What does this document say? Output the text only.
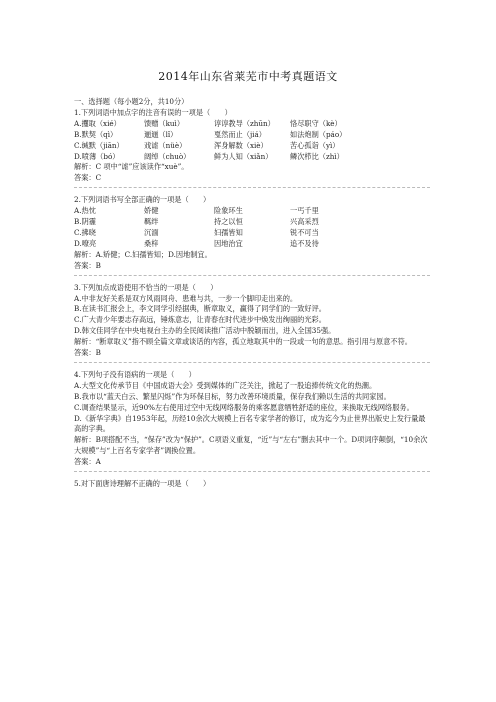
2014年山东省莱芜市中考真题语文
一、选择题（每小题2分，共10分）
1.下列词语中加点字的注音有误的一项是（　　）
A.攫取（xié）	馈赠（kuì）	谆谆教导（zhūn）	恪尽职守（kè）
B.默契（qì）	逦逦（lǐ）	戛然而止（jiá）	如法炮制（páo）
C.缄默（jiān）	戏谑（nüè）	浑身解数（xiè）	苦心孤诣（yì）
D.喷薄（bó）	阔绰（chuò）	鲜为人知（xiǎn）	鳞次栉比（zhì）
解析：C 项中“谑”应该读作“xuè”。
答案：C
2.下列词语书写全部正确的一项是（　　）
A.热忱	娇健	险象环生	一丐千里
B.阴霾	羁绊	持之以恒	兴高采烈
C.拂晓	沉湎	妇孺皆知	锐不可当
D.嘹亮	桑梓	因地治宜	追不及待
解析：A.矫健；C.妇孺皆知；D.因地制宜。
答案：B
3.下列加点成语使用不恰当的一项是（　　）
A.中非友好关系是双方风雨同舟、患难与共，一步一个脚印走出来的。
B.在读书汇报会上，李文同学引经据典，断章取义，赢得了同学们的一致好评。
C.广大青少年要志存高远，锤炼意志，让青春在时代进步中焕发出绚丽的光彩。
D.韩文佳同学在中央电视台主办的全民阅读推广活动中脱颖而出，进入全国35强。
解析：“断章取义”指不顾全篇文章或谈话的内容，孤立地取其中的一段或一句的意思。指引用与原意不符。
答案：B
4.下列句子没有语病的一项是（　　）
A.大型文化传承节目《中国成语大会》受到媒体的广泛关注，掀起了一股追捧传统文化的热潮。
B.我市以“蓝天白云、繁星闪烁”作为环保目标，努力改善环境质量，保存我们赖以生活的共同家园。
C.调查结果显示，近90%左右使用过空中无线网络服务的乘客愿意牺牲舒适的座位，来换取无线网络服务。
D.《新华字典》自1953年起，历经10余次大规模上百名专家学者的修订，成为迄今为止世界出版史上发行量最高的字典。
解析：B项搭配不当，“保存”改为“保护”。C项语义重复，“近”与“左右”删去其中一个。D项词序颠倒，“10余次大规模”与“上百名专家学者”调换位置。
答案：A
5.对下面唐诗理解不正确的一项是（　　）
